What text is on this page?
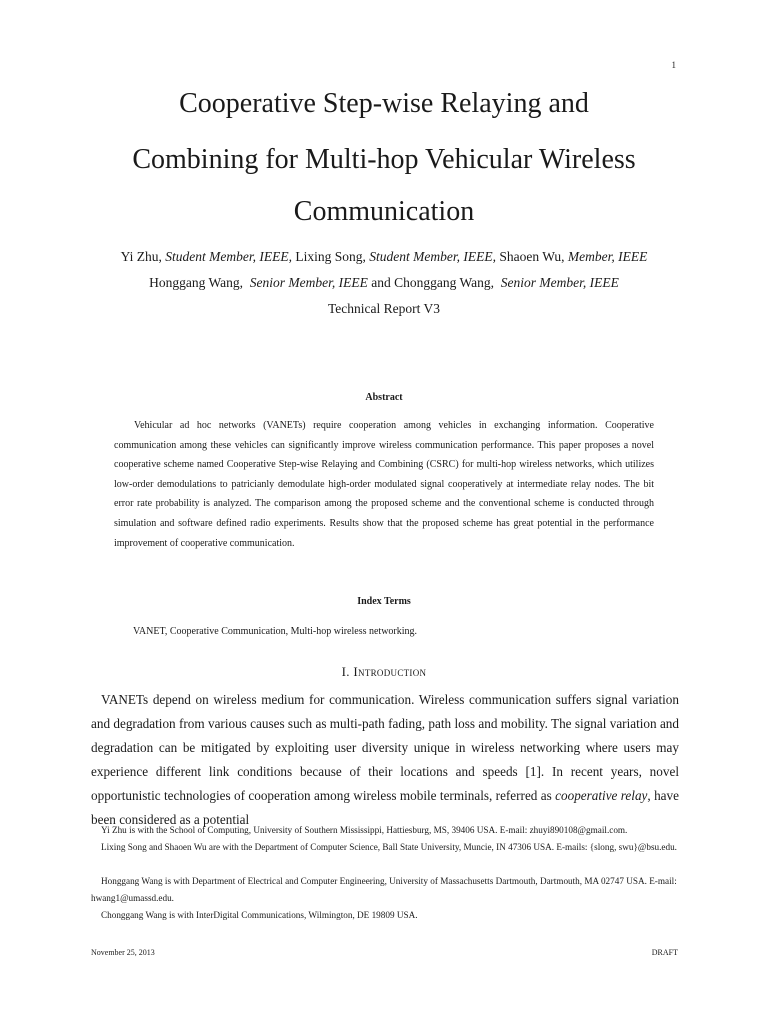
1
Cooperative Step-wise Relaying and
Combining for Multi-hop Vehicular Wireless
Communication
Yi Zhu, Student Member, IEEE, Lixing Song, Student Member, IEEE, Shaoen Wu, Member, IEEE
Honggang Wang, Senior Member, IEEE and Chonggang Wang, Senior Member, IEEE
Technical Report V3
Abstract

Vehicular ad hoc networks (VANETs) require cooperation among vehicles in exchanging information. Cooperative communication among these vehicles can significantly improve wireless communication performance. This paper proposes a novel cooperative scheme named Cooperative Step-wise Relaying and Combining (CSRC) for multi-hop wireless networks, which utilizes low-order demodulations to patricianly demodulate high-order modulated signal cooperatively at intermediate relay nodes. The bit error rate probability is analyzed. The comparison among the proposed scheme and the conventional scheme is conducted through simulation and software defined radio experiments. Results show that the proposed scheme has great potential in the performance improvement of cooperative communication.

Index Terms
VANET, Cooperative Communication, Multi-hop wireless networking.
I. Introduction

VANETs depend on wireless medium for communication. Wireless communication suffers signal variation and degradation from various causes such as multi-path fading, path loss and mobility. The signal variation and degradation can be mitigated by exploiting user diversity unique in wireless networking where users may experience different link conditions because of their locations and speeds [1]. In recent years, novel opportunistic technologies of cooperation among wireless mobile terminals, referred as cooperative relay, have been considered as a potential

Yi Zhu is with the School of Computing, University of Southern Mississippi, Hattiesburg, MS, 39406 USA. E-mail: zhuyi890108@gmail.com.

Lixing Song and Shaoen Wu are with the Department of Computer Science, Ball State University, Muncie, IN 47306 USA. E-mails: {slong, swu}@bsu.edu.

Honggang Wang is with Department of Electrical and Computer Engineering, University of Massachusetts Dartmouth, Dartmouth, MA 02747 USA. E-mail: hwang1@umassd.edu.

Chonggang Wang is with InterDigital Communications, Wilmington, DE 19809 USA.

November 25, 2013	DRAFT
